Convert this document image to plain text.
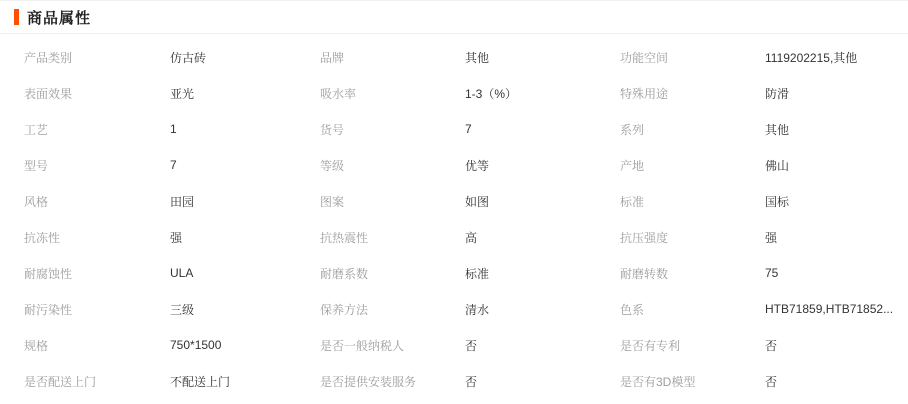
商品属性
产品类别	仿古砖	品牌	其他	功能空间	1119202215,其他
表面效果	亚光	吸水率	1-3（%）	特殊用途	防滑
工艺	1	货号	7	系列	其他
型号	7	等级	优等	产地	佛山
风格	田园	图案	如图	标准	国标
抗冻性	强	抗热震性	高	抗压强度	强
耐腐蚀性	ULA	耐磨系数	标准	耐磨转数	75
耐污染性	三级	保养方法	清水	色系	HTB71859,HTB71852...
规格	750*1500	是否一般纳税人	否	是否有专利	否
是否配送上门	不配送上门	是否提供安装服务	否	是否有3D模型	否
